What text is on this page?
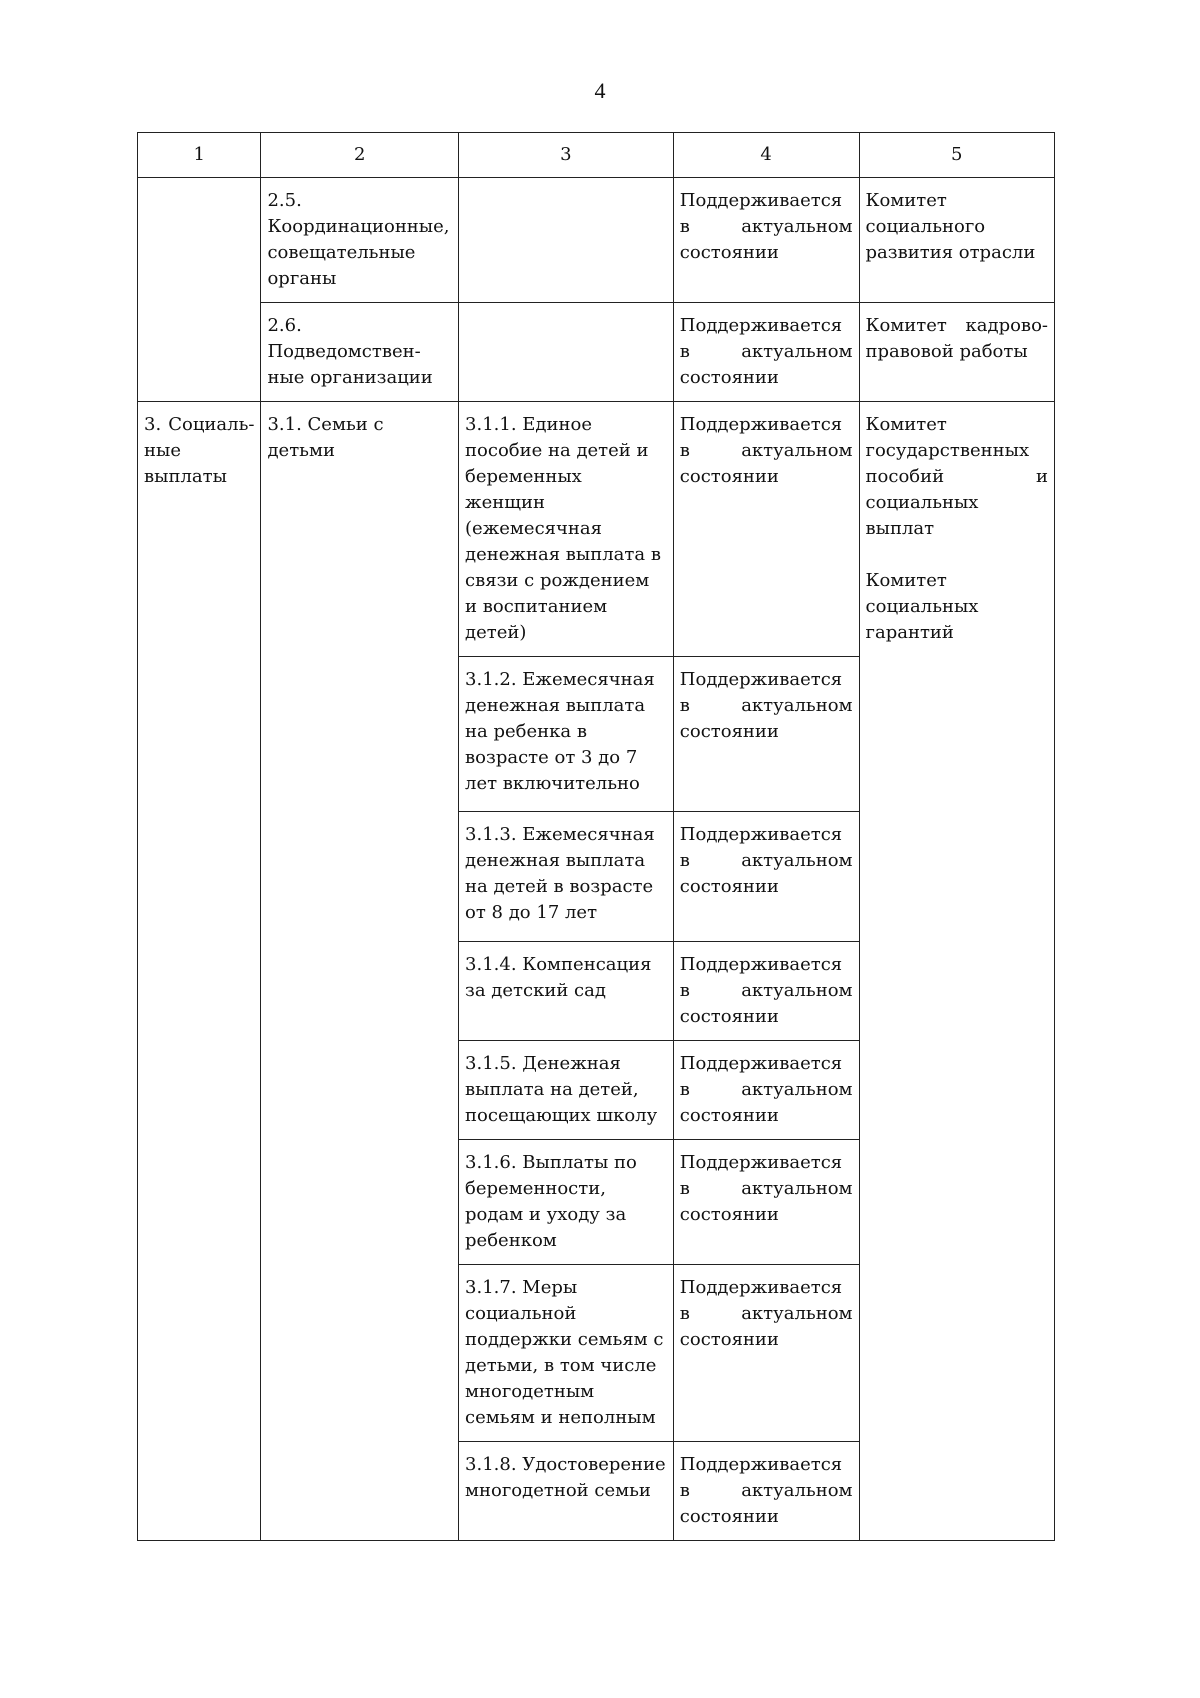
4
1	2	3	4	5
	2.5. Координационные, совещательные органы		Поддерживается в актуальном состоянии	Комитет социального развития отрасли
	2.6. Подведомствен-ные организации		Поддерживается в актуальном состоянии	Комитет кадрово-правовой работы
3. Социаль-ные выплаты	3.1. Семьи с детьми	3.1.1. Единое пособие на детей и беременных женщин (ежемесячная денежная выплата в связи с рождением и воспитанием детей)	Поддерживается в актуальном состоянии	Комитет государственных пособий и социальных выплат
Комитет социальных гарантий

		3.1.2. Ежемесячная денежная выплата на ребенка в возрасте от 3 до 7 лет включительно	Поддерживается в актуальном состоянии	
		3.1.3. Ежемесячная денежная выплата на детей в возрасте от 8 до 17 лет	Поддерживается в актуальном состоянии	
		3.1.4. Компенсация за детский сад	Поддерживается в актуальном состоянии	
		3.1.5. Денежная выплата на детей, посещающих школу	Поддерживается в актуальном состоянии	
		3.1.6. Выплаты по беременности, родам и уходу за ребенком	Поддерживается в актуальном состоянии	
		3.1.7. Меры социальной поддержки семьям с детьми, в том числе многодетным семьям и неполным	Поддерживается в актуальном состоянии	
		3.1.8. Удостоверение многодетной семьи	Поддерживается в актуальном состоянии	
